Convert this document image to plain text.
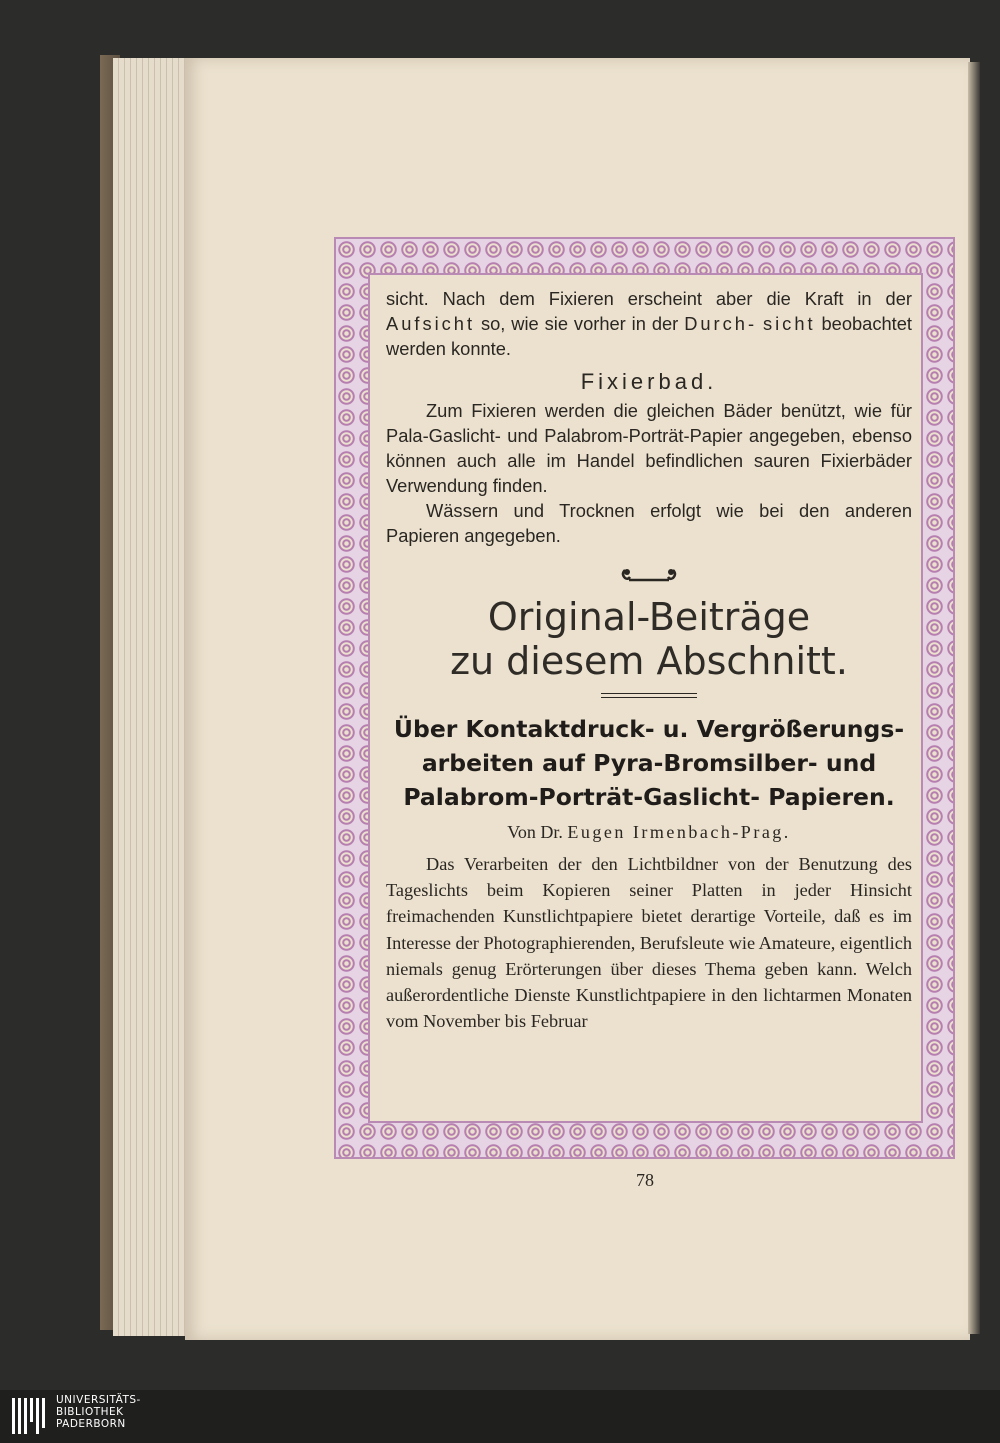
sicht. Nach dem Fixieren erscheint aber die Kraft in der Aufsicht so, wie sie vorher in der Durch- sicht beobachtet werden konnte.

Fixierbad.

Zum Fixieren werden die gleichen Bäder benützt, wie für Pala-Gaslicht- und Palabrom-Porträt-Papier angegeben, ebenso können auch alle im Handel befindlichen sauren Fixierbäder Verwendung finden.

Wässern und Trocknen erfolgt wie bei den anderen Papieren angegeben.

Original-Beiträge
zu diesem Abschnitt.
Über Kontaktdruck- u. Vergrößerungs-
arbeiten auf Pyra-Bromsilber- und
Palabrom-Porträt-Gaslicht- Papieren.
Von Dr. Eugen Irmenbach-Prag.

Das Verarbeiten der den Lichtbildner von der Benutzung des Tageslichts beim Kopieren seiner Platten in jeder Hinsicht freimachenden Kunstlichtpapiere bietet derartige Vorteile, daß es im Interesse der Photographierenden, Berufsleute wie Amateure, eigentlich niemals genug Erörterungen über dieses Thema geben kann. Welch außerordentliche Dienste Kunstlichtpapiere in den lichtarmen Monaten vom November bis Februar

78
UNIVERSITÄTS-
BIBLIOTHEK
PADERBORN
